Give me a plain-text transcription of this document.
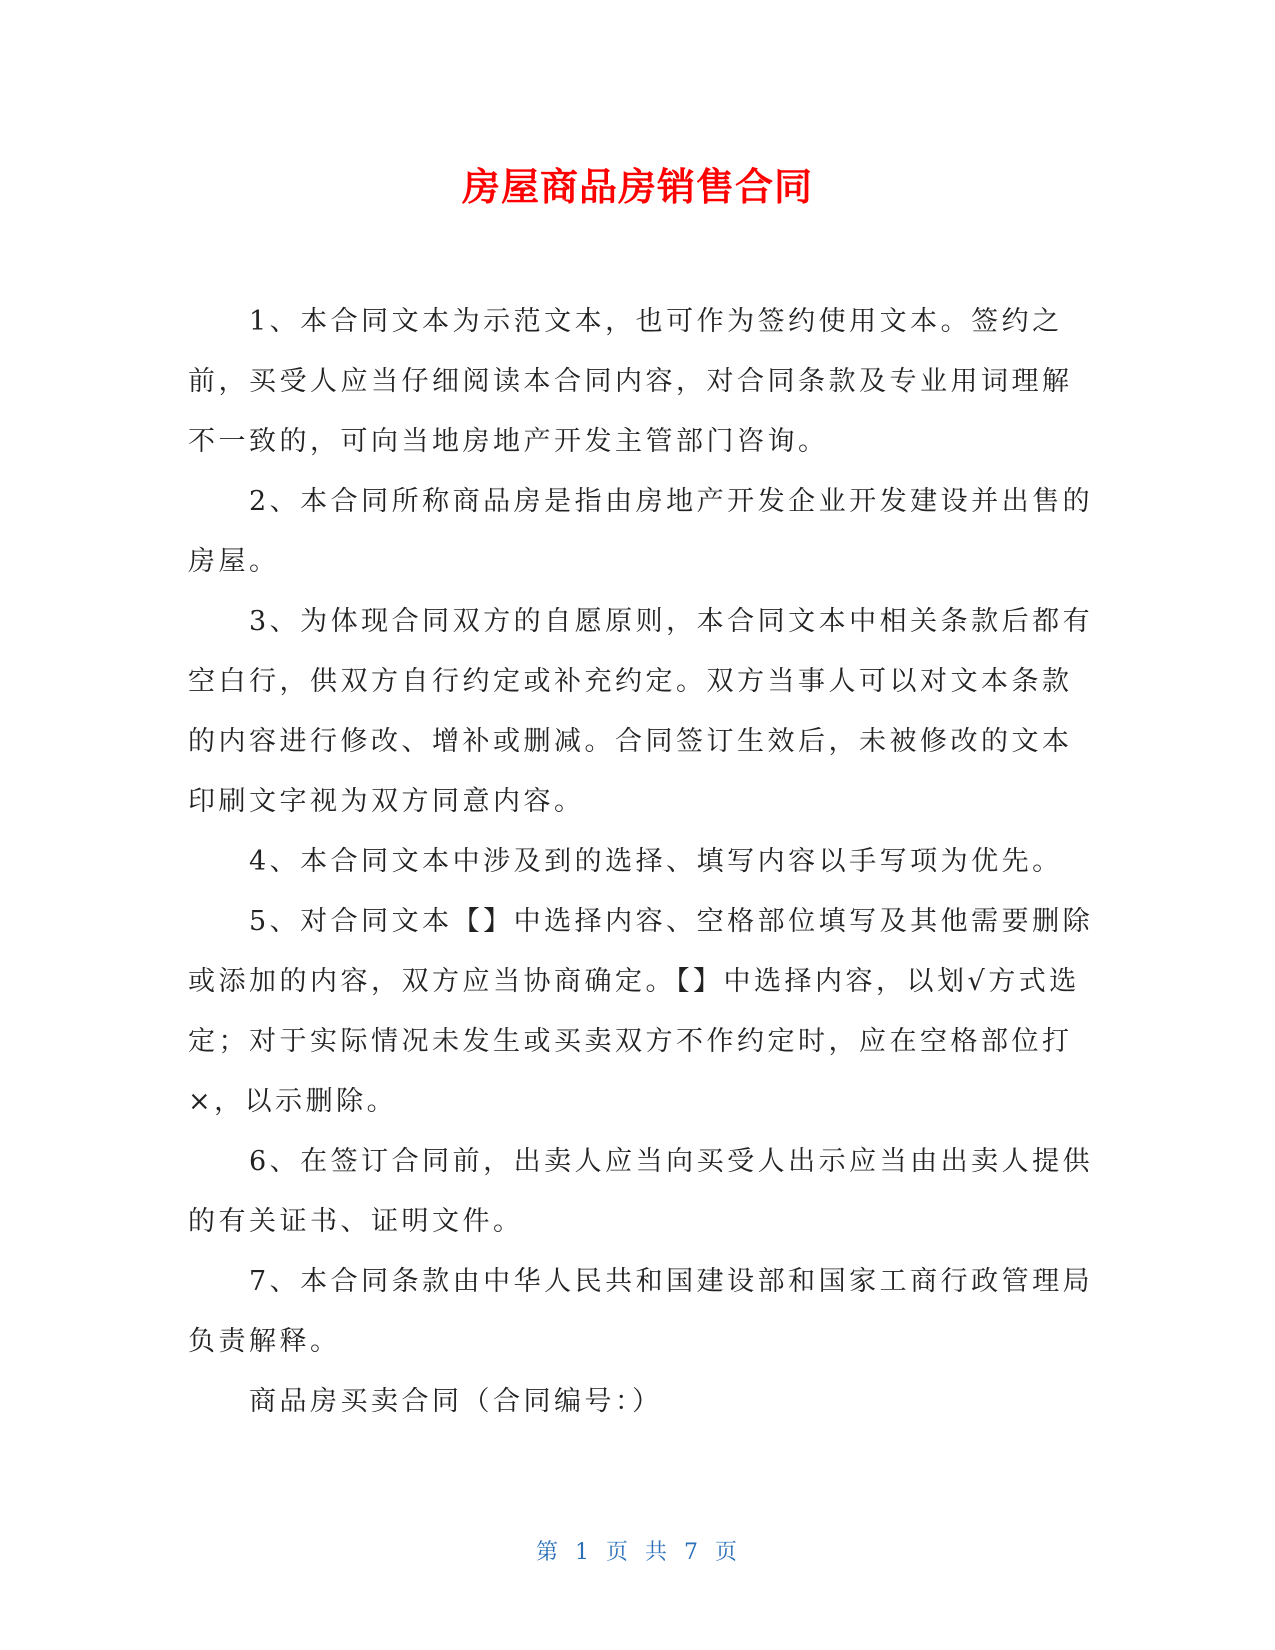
房屋商品房销售合同

1、本合同文本为示范文本，也可作为签约使用文本。签约之前，买受人应当仔细阅读本合同内容，对合同条款及专业用词理解不一致的，可向当地房地产开发主管部门咨询。

2、本合同所称商品房是指由房地产开发企业开发建设并出售的房屋。

3、为体现合同双方的自愿原则，本合同文本中相关条款后都有空白行，供双方自行约定或补充约定。双方当事人可以对文本条款的内容进行修改、增补或删减。合同签订生效后，未被修改的文本印刷文字视为双方同意内容。

4、本合同文本中涉及到的选择、填写内容以手写项为优先。

5、对合同文本【】中选择内容、空格部位填写及其他需要删除或添加的内容，双方应当协商确定。【】中选择内容，以划√方式选定；对于实际情况未发生或买卖双方不作约定时，应在空格部位打×，以示删除。

6、在签订合同前，出卖人应当向买受人出示应当由出卖人提供的有关证书、证明文件。

7、本合同条款由中华人民共和国建设部和国家工商行政管理局负责解释。

商品房买卖合同（合同编号：）

第 1 页 共 7 页
